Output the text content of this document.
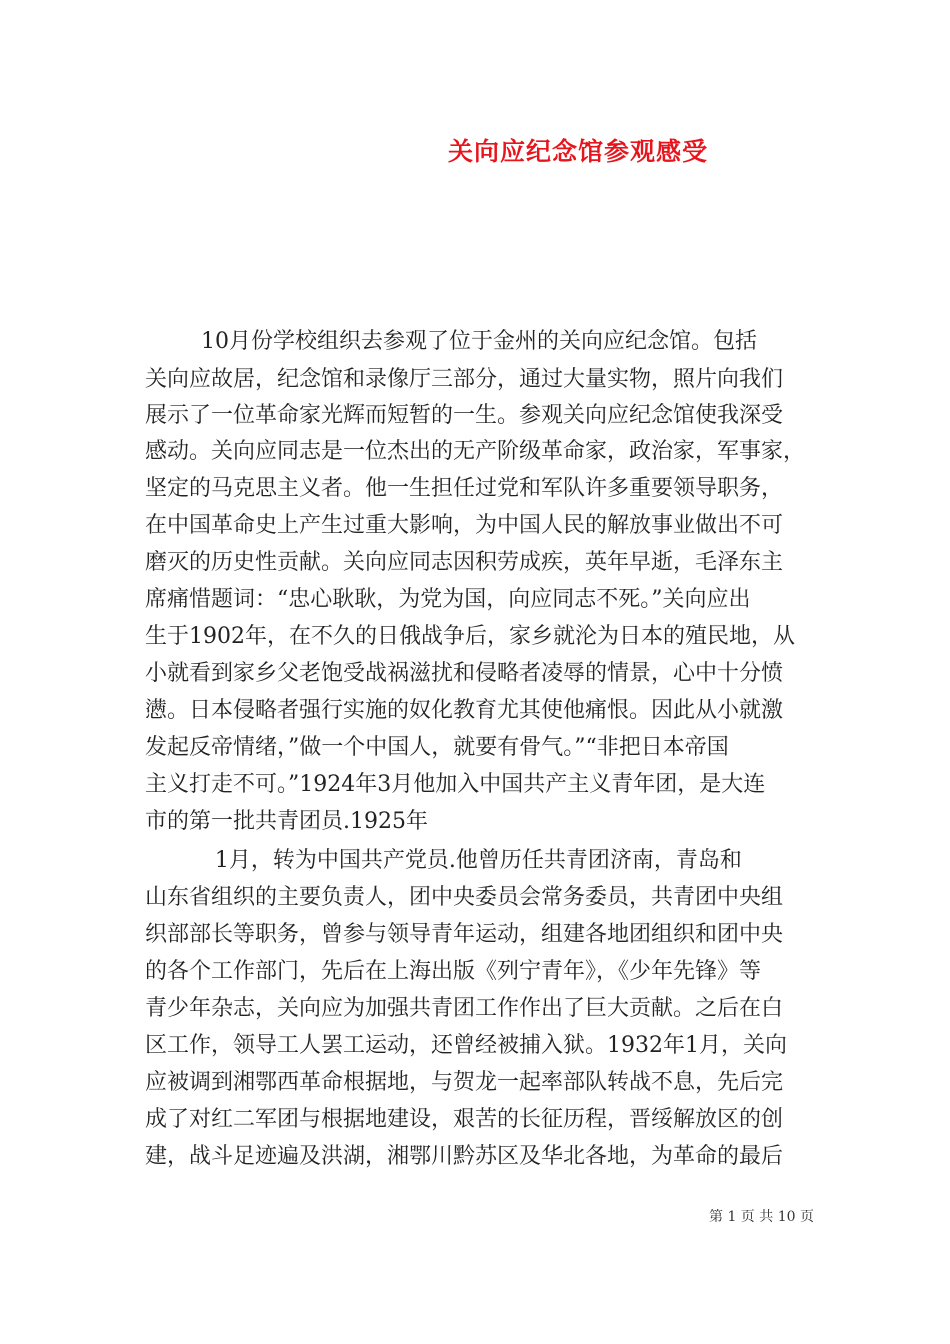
关向应纪念馆参观感受
10月份学校组织去参观了位于金州的关向应纪念馆。包括
关向应故居，纪念馆和录像厅三部分，通过大量实物，照片向我们
展示了一位革命家光辉而短暂的一生。参观关向应纪念馆使我深受
感动。关向应同志是一位杰出的无产阶级革命家，政治家，军事家，
坚定的马克思主义者。他一生担任过党和军队许多重要领导职务，
在中国革命史上产生过重大影响，为中国人民的解放事业做出不可
磨灭的历史性贡献。关向应同志因积劳成疾，英年早逝，毛泽东主
席痛惜题词：“忠心耿耿，为党为国，向应同志不死。”关向应出
生于1902年，在不久的日俄战争后，家乡就沦为日本的殖民地，从
小就看到家乡父老饱受战祸滋扰和侵略者凌辱的情景，心中十分愤
懑。日本侵略者强行实施的奴化教育尤其使他痛恨。因此从小就激
发起反帝情绪，”做一个中国人，就要有骨气。”“非把日本帝国
主义打走不可。”1924年3月他加入中国共产主义青年团，是大连
市的第一批共青团员.1925年
1月，转为中国共产党员.他曾历任共青团济南，青岛和
山东省组织的主要负责人，团中央委员会常务委员，共青团中央组
织部部长等职务，曾参与领导青年运动，组建各地团组织和团中央
的各个工作部门，先后在上海出版《列宁青年》，《少年先锋》等
青少年杂志，关向应为加强共青团工作作出了巨大贡献。之后在白
区工作，领导工人罢工运动，还曾经被捕入狱。1932年1月，关向
应被调到湘鄂西革命根据地，与贺龙一起率部队转战不息，先后完
成了对红二军团与根据地建设，艰苦的长征历程，晋绥解放区的创
建，战斗足迹遍及洪湖，湘鄂川黔苏区及华北各地，为革命的最后
第 1 页 共 10 页
